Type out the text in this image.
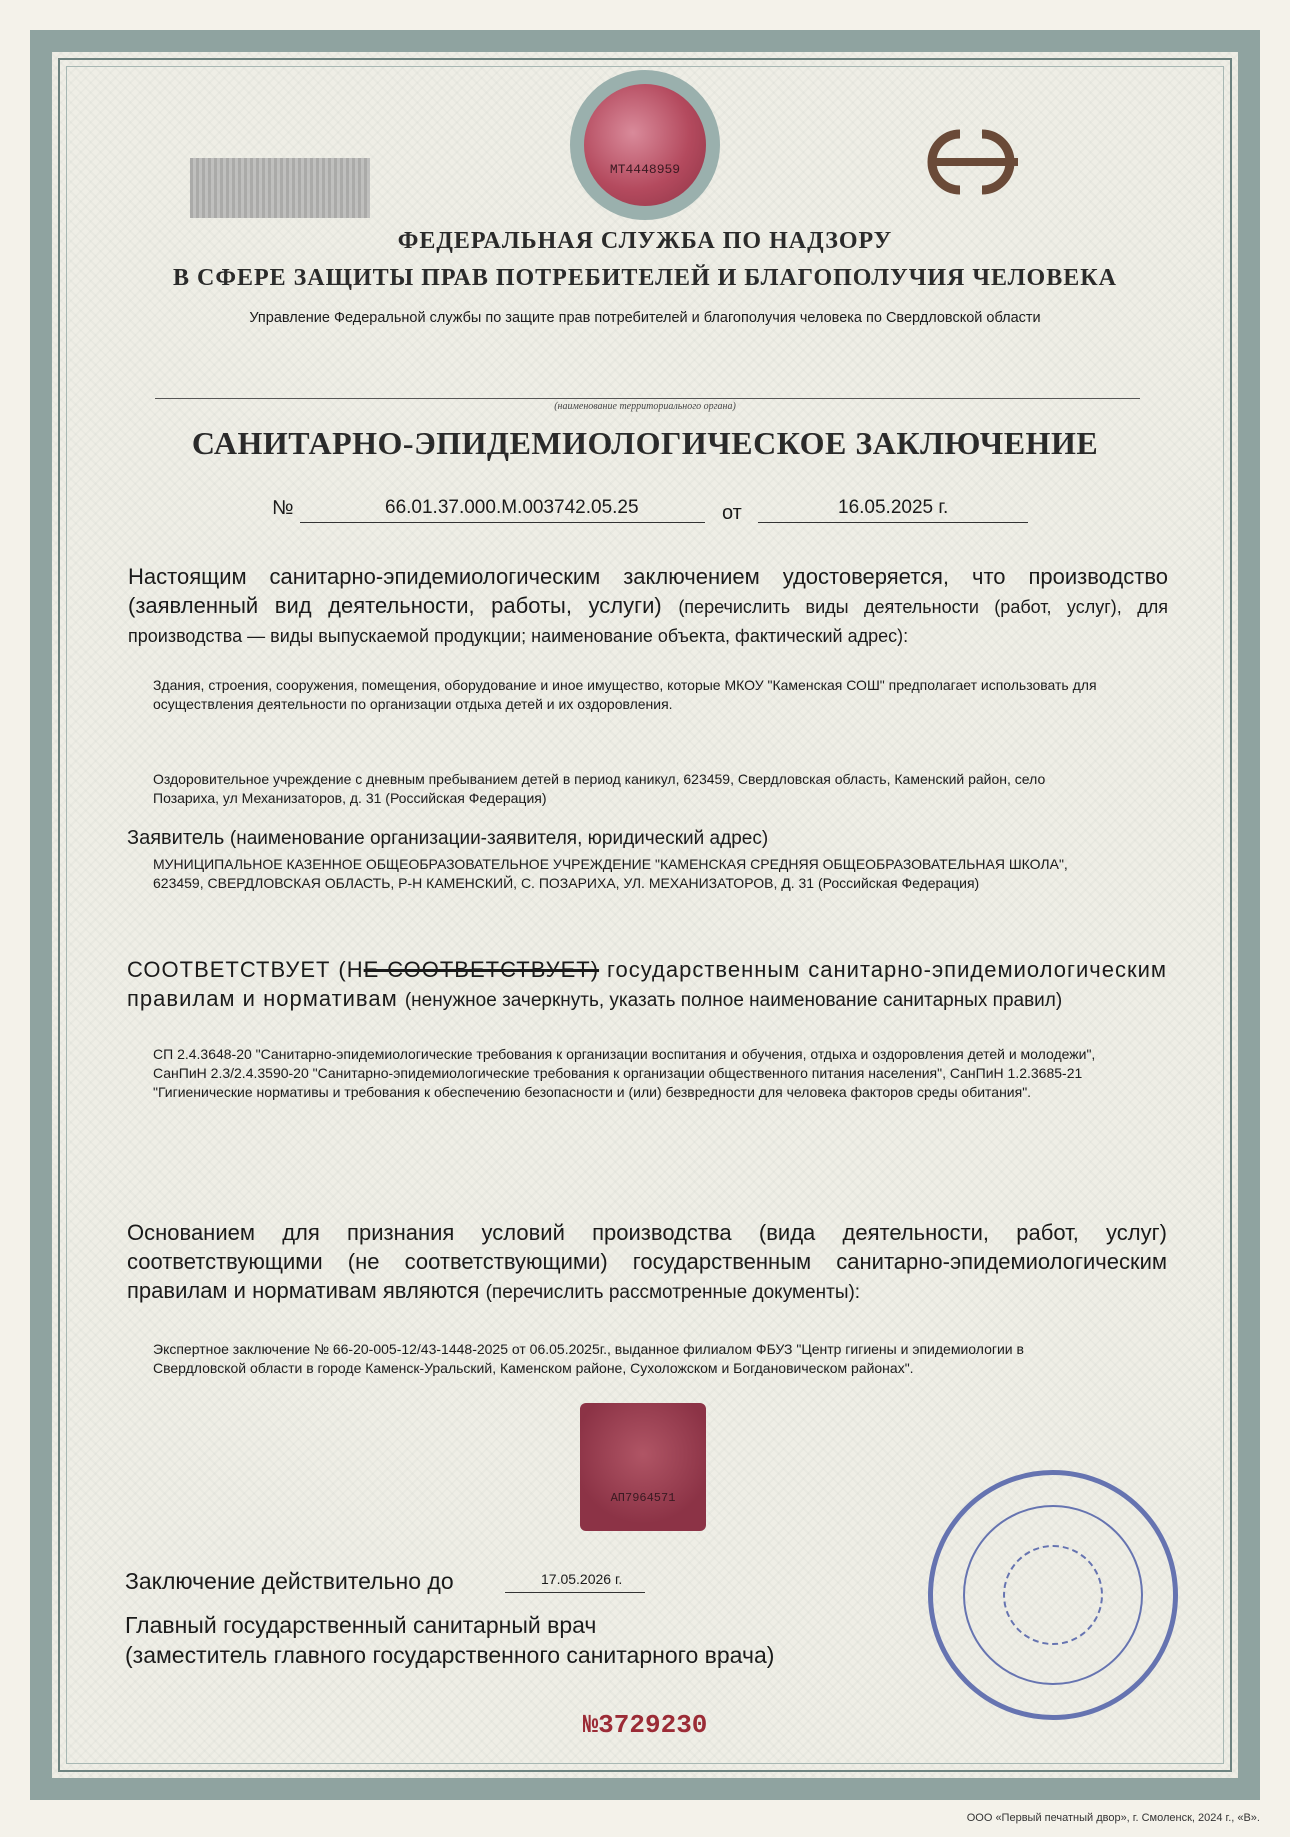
МТ4448959
ФЕДЕРАЛЬНАЯ СЛУЖБА ПО НАДЗОРУ
В СФЕРЕ ЗАЩИТЫ ПРАВ ПОТРЕБИТЕЛЕЙ И БЛАГОПОЛУЧИЯ ЧЕЛОВЕКА
Управление Федеральной службы по защите прав потребителей и благополучия человека по Свердловской области
(наименование территориального органа)
САНИТАРНО-ЭПИДЕМИОЛОГИЧЕСКОЕ ЗАКЛЮЧЕНИЕ
№	66.01.37.000.М.003742.05.25	от	16.05.2025 г.
Настоящим санитарно-эпидемиологическим заключением удостоверяется, что производство (заявленный вид деятельности, работы, услуги) (перечислить виды деятельности (работ, услуг), для производства — виды выпускаемой продукции; наименование объекта, фактический адрес):
Здания, строения, сооружения, помещения, оборудование и иное имущество, которые МКОУ "Каменская СОШ" предполагает использовать для осуществления деятельности по организации отдыха детей и их оздоровления.
Оздоровительное учреждение с дневным пребыванием детей в период каникул, 623459, Свердловская область, Каменский район, село Позариха, ул Механизаторов, д. 31 (Российская Федерация)
Заявитель (наименование организации-заявителя, юридический адрес)
МУНИЦИПАЛЬНОЕ КАЗЕННОЕ ОБЩЕОБРАЗОВАТЕЛЬНОЕ УЧРЕЖДЕНИЕ "КАМЕНСКАЯ СРЕДНЯЯ ОБЩЕОБРАЗОВАТЕЛЬНАЯ ШКОЛА", 623459, СВЕРДЛОВСКАЯ ОБЛАСТЬ, Р-Н КАМЕНСКИЙ, С. ПОЗАРИХА, УЛ. МЕХАНИЗАТОРОВ, Д. 31 (Российская Федерация)
СООТВЕТСТВУЕТ (НЕ СООТВЕТСТВУЕТ) государственным санитарно-эпидемиологическим правилам и нормативам (ненужное зачеркнуть, указать полное наименование санитарных правил)
СП 2.4.3648-20 "Санитарно-эпидемиологические требования к организации воспитания и обучения, отдыха и оздоровления детей и молодежи", СанПиН 2.3/2.4.3590-20 "Санитарно-эпидемиологические требования к организации общественного питания населения", СанПиН 1.2.3685-21 "Гигиенические нормативы и требования к обеспечению безопасности и (или) безвредности для человека факторов среды обитания".
Основанием для признания условий производства (вида деятельности, работ, услуг) соответствующими (не соответствующими) государственным санитарно-эпидемиологическим правилам и нормативам являются (перечислить рассмотренные документы):
Экспертное заключение № 66-20-005-12/43-1448-2025 от 06.05.2025г., выданное филиалом ФБУЗ "Центр гигиены и эпидемиологии в Свердловской области в городе Каменск-Уральский, Каменском районе, Сухоложском и Богдановическом районах".
АП7964571
Заключение действительно до	17.05.2026 г.
Главный государственный санитарный врач
(заместитель главного государственного санитарного врача)
№3729230
ООО «Первый печатный двор», г. Смоленск, 2024 г., «В».
